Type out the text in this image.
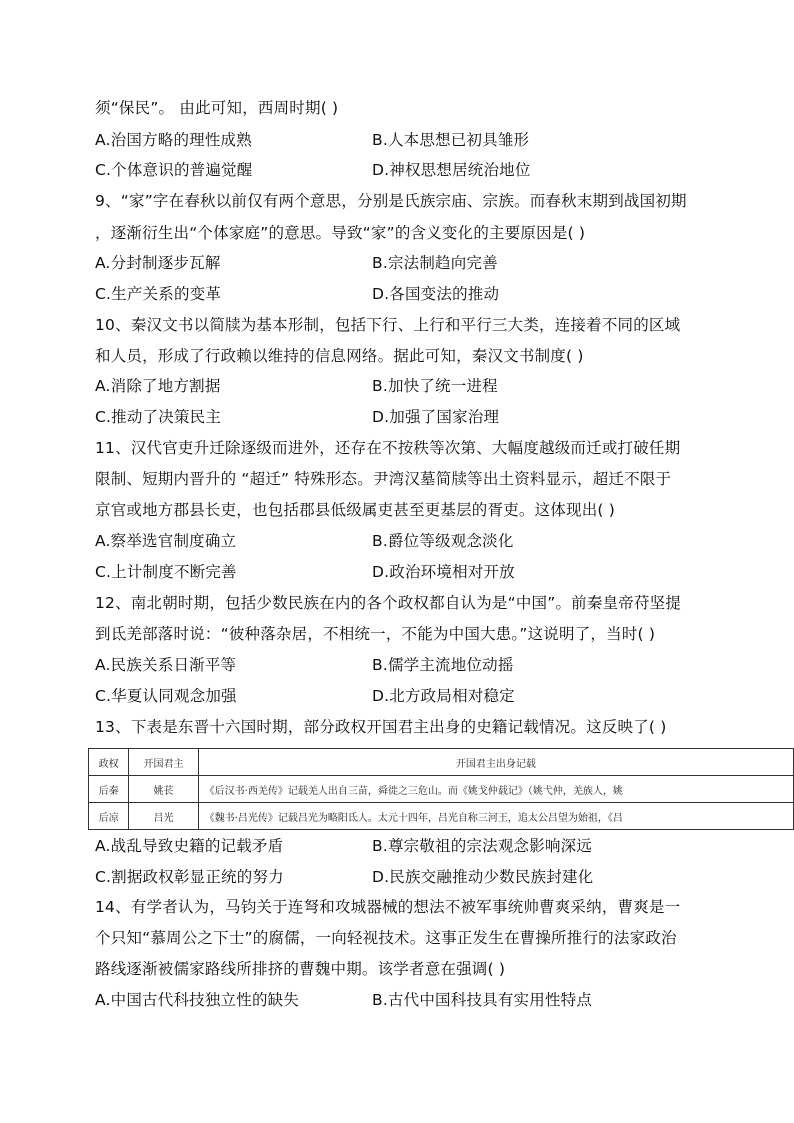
须“保民”。 由此可知，西周时期( )
A.治国方略的理性成熟	B.人本思想已初具雏形
C.个体意识的普遍觉醒	D.神权思想居统治地位
9、“家”字在春秋以前仅有两个意思，分别是氏族宗庙、宗族。而春秋末期到战国初期
，逐渐衍生出“个体家庭”的意思。导致“家”的含义变化的主要原因是( )
A.分封制逐步瓦解	B.宗法制趋向完善
C.生产关系的变革	D.各国变法的推动
10、秦汉文书以简牍为基本形制，包括下行、上行和平行三大类，连接着不同的区域
和人员，形成了行政赖以维持的信息网络。据此可知，秦汉文书制度( )
A.消除了地方割据	B.加快了统一进程
C.推动了决策民主	D.加强了国家治理
11、汉代官吏升迁除逐级而进外，还存在不按秩等次第、大幅度越级而迁或打破任期
限制、短期内晋升的 “超迁” 特殊形态。尹湾汉墓简牍等出土资料显示，超迁不限于
京官或地方郡县长吏，也包括郡县低级属吏甚至更基层的胥吏。这体现出( )
A.察举选官制度确立	B.爵位等级观念淡化
C.上计制度不断完善	D.政治环境相对开放
12、南北朝时期，包括少数民族在内的各个政权都自认为是“中国”。前秦皇帝苻坚提
到氐羌部落时说：“彼种落杂居，不相统一，不能为中国大患。”这说明了，当时( )
A.民族关系日渐平等	B.儒学主流地位动摇
C.华夏认同观念加强	D.北方政局相对稳定
13、下表是东晋十六国时期，部分政权开国君主出身的史籍记载情况。这反映了( )
政权	开国君主	开国君主出身记载
后秦	姚苌	《后汉书·西羌传》记载羌人出自三苗，舜徙之三危山。而《姚戈仲载记》（姚弋仲，羌族人，姚
后凉	吕光	《魏书·吕光传》记载吕光为略阳氐人。太元十四年，吕光自称三河王，追太公吕望为始祖，《吕
A.战乱导致史籍的记载矛盾	B.尊宗敬祖的宗法观念影响深远
C.割据政权彰显正统的努力	D.民族交融推动少数民族封建化
14、有学者认为，马钧关于连弩和攻城器械的想法不被军事统帅曹爽采纳，曹爽是一
个只知“慕周公之下士”的腐儒，一向轻视技术。这事正发生在曹操所推行的法家政治
路线逐渐被儒家路线所排挤的曹魏中期。该学者意在强调( )
A.中国古代科技独立性的缺失	B.古代中国科技具有实用性特点
